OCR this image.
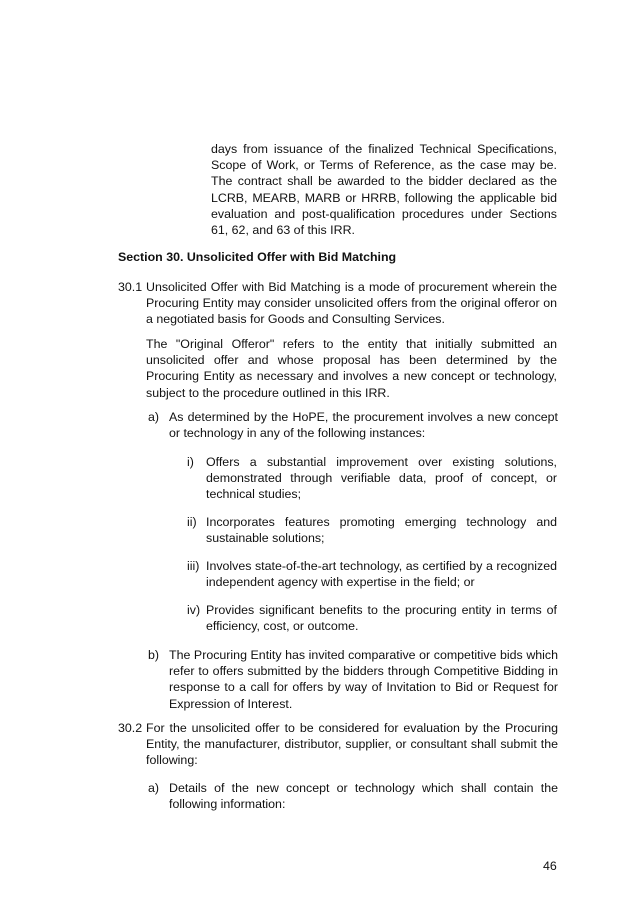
days from issuance of the finalized Technical Specifications, Scope of Work, or Terms of Reference, as the case may be. The contract shall be awarded to the bidder declared as the LCRB, MEARB, MARB or HRRB, following the applicable bid evaluation and post-qualification procedures under Sections 61, 62, and 63 of this IRR.
Section 30. Unsolicited Offer with Bid Matching
30.1 Unsolicited Offer with Bid Matching is a mode of procurement wherein the Procuring Entity may consider unsolicited offers from the original offeror on a negotiated basis for Goods and Consulting Services.
The "Original Offeror" refers to the entity that initially submitted an unsolicited offer and whose proposal has been determined by the Procuring Entity as necessary and involves a new concept or technology, subject to the procedure outlined in this IRR.
a) As determined by the HoPE, the procurement involves a new concept or technology in any of the following instances:
i) Offers a substantial improvement over existing solutions, demonstrated through verifiable data, proof of concept, or technical studies;
ii) Incorporates features promoting emerging technology and sustainable solutions;
iii) Involves state-of-the-art technology, as certified by a recognized independent agency with expertise in the field; or
iv) Provides significant benefits to the procuring entity in terms of efficiency, cost, or outcome.
b) The Procuring Entity has invited comparative or competitive bids which refer to offers submitted by the bidders through Competitive Bidding in response to a call for offers by way of Invitation to Bid or Request for Expression of Interest.
30.2 For the unsolicited offer to be considered for evaluation by the Procuring Entity, the manufacturer, distributor, supplier, or consultant shall submit the following:
a) Details of the new concept or technology which shall contain the following information:
46
